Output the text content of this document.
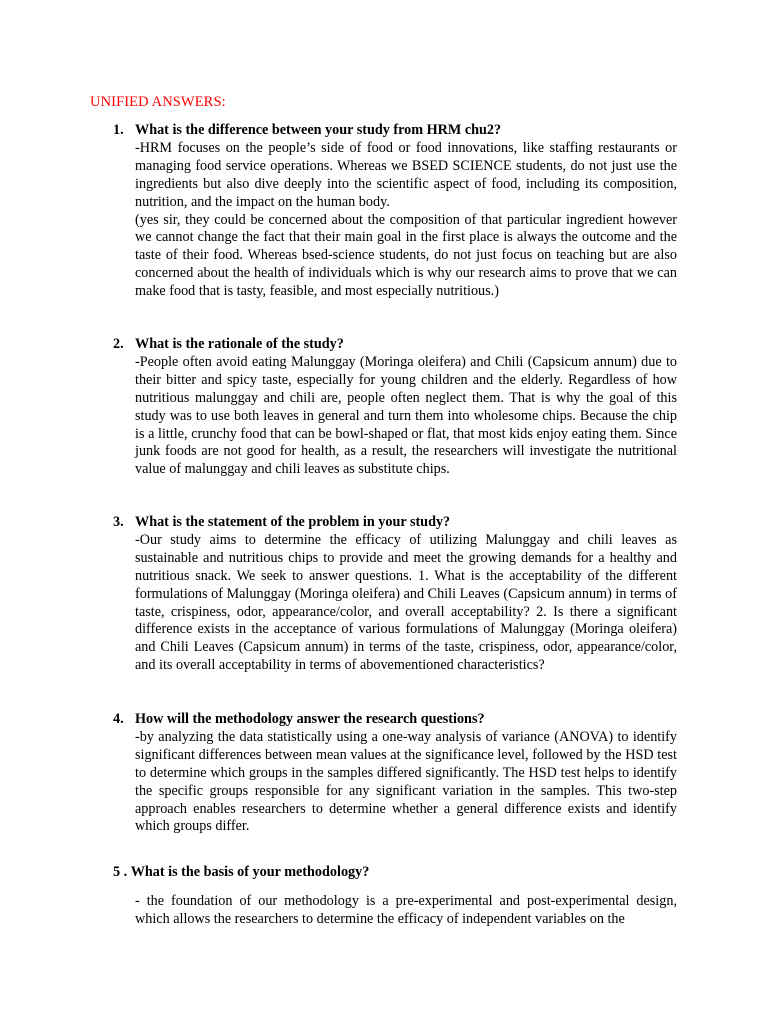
UNIFIED ANSWERS:
1. What is the difference between your study from HRM chu2?

-HRM focuses on the people’s side of food or food innovations, like staffing restaurants or managing food service operations. Whereas we BSED SCIENCE students, do not just use the ingredients but also dive deeply into the scientific aspect of food, including its composition, nutrition, and the impact on the human body.

(yes sir, they could be concerned about the composition of that particular ingredient however we cannot change the fact that their main goal in the first place is always the outcome and the taste of their food. Whereas bsed-science students, do not just focus on teaching but are also concerned about the health of individuals which is why our research aims to prove that we can make food that is tasty, feasible, and most especially nutritious.)

2. What is the rationale of the study?

-People often avoid eating Malunggay (Moringa oleifera) and Chili (Capsicum annum) due to their bitter and spicy taste, especially for young children and the elderly. Regardless of how nutritious malunggay and chili are, people often neglect them. That is why the goal of this study was to use both leaves in general and turn them into wholesome chips. Because the chip is a little, crunchy food that can be bowl-shaped or flat, that most kids enjoy eating them. Since junk foods are not good for health, as a result, the researchers will investigate the nutritional value of malunggay and chili leaves as substitute chips.

3. What is the statement of the problem in your study?

-Our study aims to determine the efficacy of utilizing Malunggay and chili leaves as sustainable and nutritious chips to provide and meet the growing demands for a healthy and nutritious snack. We seek to answer questions. 1. What is the acceptability of the different formulations of Malunggay (Moringa oleifera) and Chili Leaves (Capsicum annum) in terms of taste, crispiness, odor, appearance/color, and overall acceptability? 2. Is there a significant difference exists in the acceptance of various formulations of Malunggay (Moringa oleifera) and Chili Leaves (Capsicum annum) in terms of the taste, crispiness, odor, appearance/color, and its overall acceptability in terms of abovementioned characteristics?

4. How will the methodology answer the research questions?

-by analyzing the data statistically using a one-way analysis of variance (ANOVA) to identify significant differences between mean values at the significance level, followed by the HSD test to determine which groups in the samples differed significantly. The HSD test helps to identify the specific groups responsible for any significant variation in the samples. This two-step approach enables researchers to determine whether a general difference exists and identify which groups differ.

5 . What is the basis of your methodology?

- the foundation of our methodology is a pre-experimental and post-experimental design, which allows the researchers to determine the efficacy of independent variables on the
